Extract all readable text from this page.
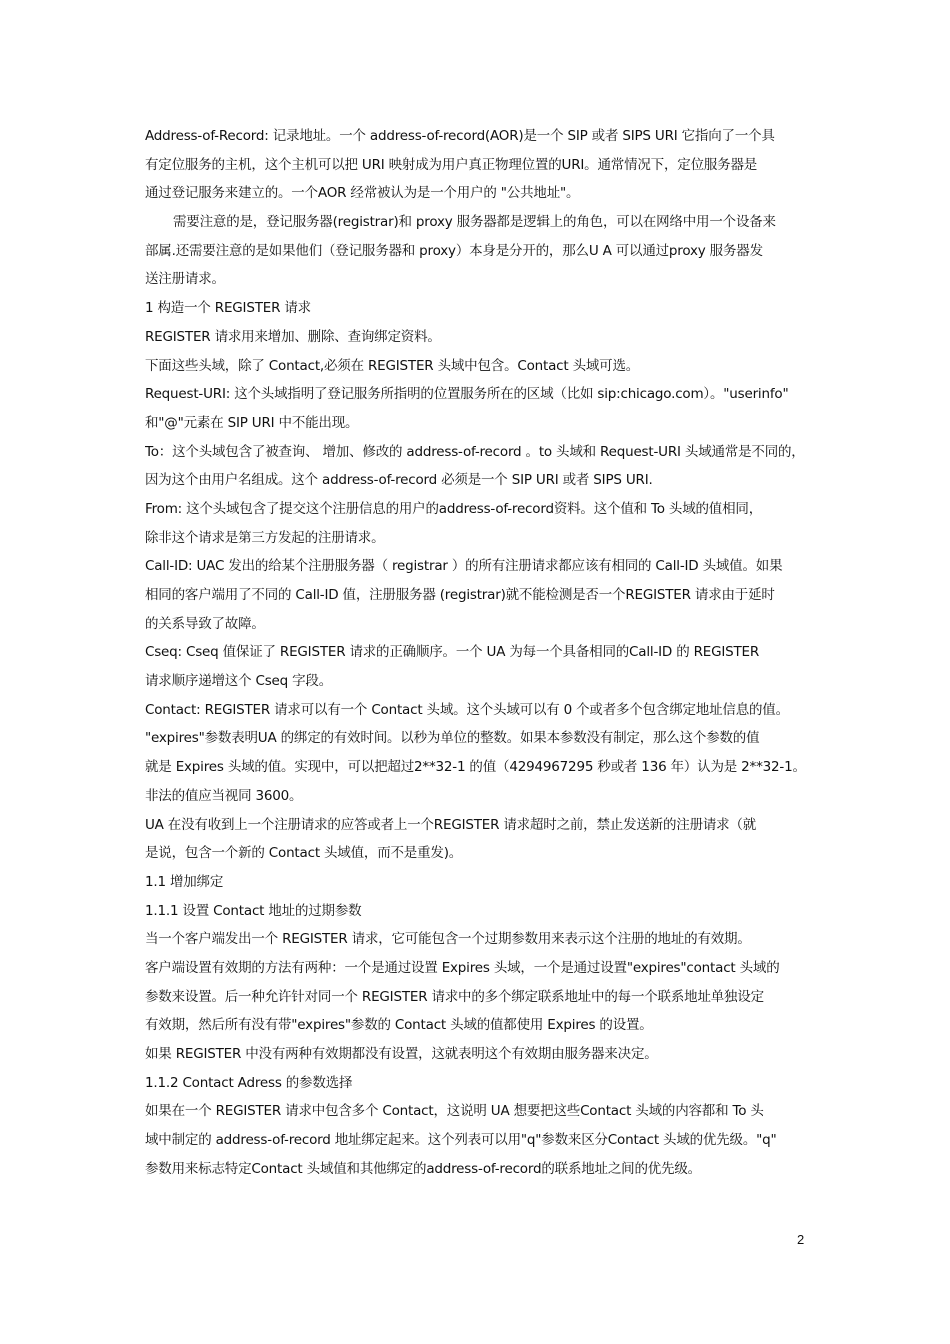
Address-of-Record: 记录地址。一个 address-of-record(AOR)是一个 SIP 或者 SIPS URI 它指向了一个具
有定位服务的主机，这个主机可以把 URI 映射成为用户真正物理位置的URI。通常情况下，定位服务器是
通过登记服务来建立的。一个AOR 经常被认为是一个用户的 "公共地址"。
需要注意的是，登记服务器(registrar)和 proxy 服务器都是逻辑上的角色，可以在网络中用一个设备来
部属.还需要注意的是如果他们（登记服务器和 proxy）本身是分开的，那么U A 可以通过proxy 服务器发
送注册请求。
1 构造一个 REGISTER 请求
REGISTER 请求用来增加、删除、查询绑定资料。
下面这些头域，除了 Contact,必须在 REGISTER 头域中包含。Contact 头域可选。
Request-URI: 这个头域指明了登记服务所指明的位置服务所在的区域（比如 sip:chicago.com）。"userinfo"
和"@"元素在 SIP URI 中不能出现。
To：这个头域包含了被查询、 增加、修改的 address-of-record 。to 头域和 Request-URI 头域通常是不同的，
因为这个由用户名组成。这个 address-of-record 必须是一个 SIP URI 或者 SIPS URI.
From: 这个头域包含了提交这个注册信息的用户的address-of-record资料。这个值和 To 头域的值相同，
除非这个请求是第三方发起的注册请求。
Call-ID: UAC 发出的给某个注册服务器（ registrar ）的所有注册请求都应该有相同的 Call-ID 头域值。如果
相同的客户端用了不同的 Call-ID 值，注册服务器 (registrar)就不能检测是否一个REGISTER 请求由于延时
的关系导致了故障。
Cseq: Cseq 值保证了 REGISTER 请求的正确顺序。一个 UA 为每一个具备相同的Call-ID 的 REGISTER
请求顺序递增这个 Cseq 字段。
Contact: REGISTER 请求可以有一个 Contact 头域。这个头域可以有 0 个或者多个包含绑定地址信息的值。
"expires"参数表明UA 的绑定的有效时间。以秒为单位的整数。如果本参数没有制定，那么这个参数的值
就是 Expires 头域的值。实现中，可以把超过2**32-1 的值（4294967295 秒或者 136 年）认为是 2**32-1。
非法的值应当视同 3600。
UA 在没有收到上一个注册请求的应答或者上一个REGISTER 请求超时之前，禁止发送新的注册请求（就
是说，包含一个新的 Contact 头域值，而不是重发)。
1.1 增加绑定
1.1.1 设置 Contact 地址的过期参数
当一个客户端发出一个 REGISTER 请求，它可能包含一个过期参数用来表示这个注册的地址的有效期。
客户端设置有效期的方法有两种：一个是通过设置 Expires 头域，一个是通过设置"expires"contact 头域的
参数来设置。后一种允许针对同一个 REGISTER 请求中的多个绑定联系地址中的每一个联系地址单独设定
有效期，然后所有没有带"expires"参数的 Contact 头域的值都使用 Expires 的设置。
如果 REGISTER 中没有两种有效期都没有设置，这就表明这个有效期由服务器来决定。
1.1.2 Contact Adress 的参数选择
如果在一个 REGISTER 请求中包含多个 Contact，这说明 UA 想要把这些Contact 头域的内容都和 To 头
域中制定的 address-of-record 地址绑定起来。这个列表可以用"q"参数来区分Contact 头域的优先级。"q"
参数用来标志特定Contact 头域值和其他绑定的address-of-record的联系地址之间的优先级。
2
